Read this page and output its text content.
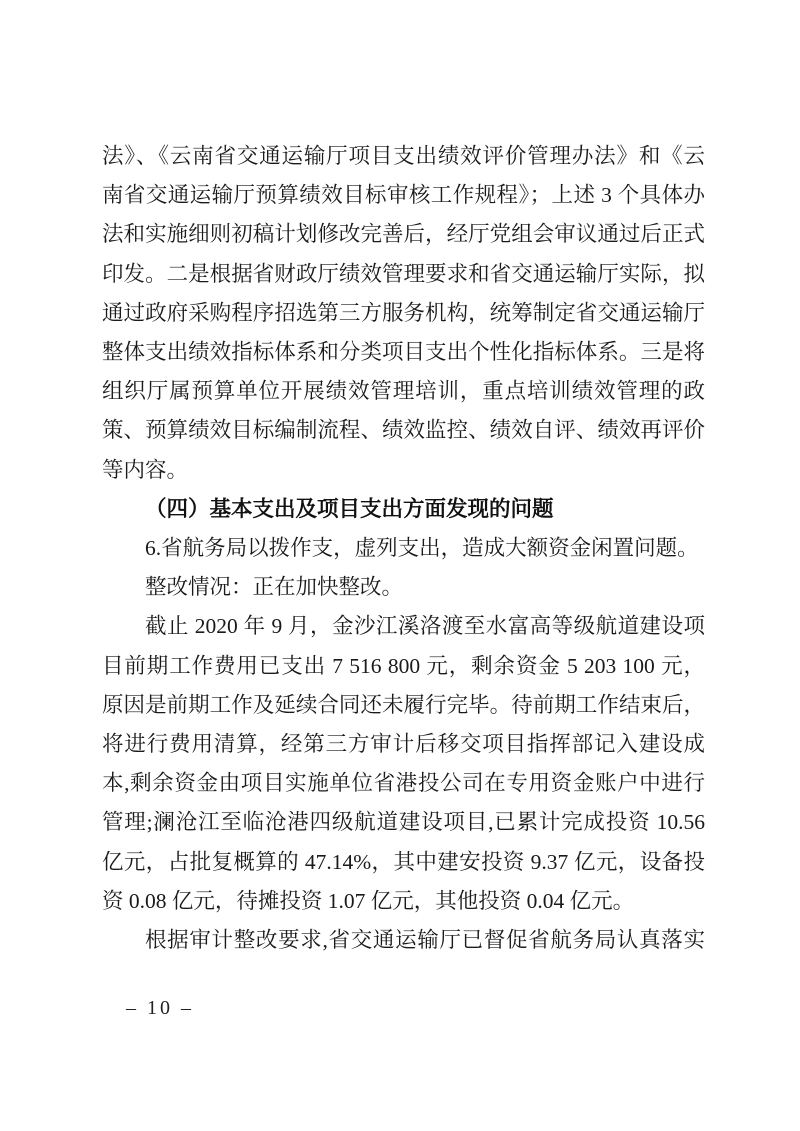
法》、《云南省交通运输厅项目支出绩效评价管理办法》和《云
南省交通运输厅预算绩效目标审核工作规程》；上述 3 个具体办
法和实施细则初稿计划修改完善后，经厅党组会审议通过后正式
印发。二是根据省财政厅绩效管理要求和省交通运输厅实际，拟
通过政府采购程序招选第三方服务机构，统筹制定省交通运输厅
整体支出绩效指标体系和分类项目支出个性化指标体系。三是将
组织厅属预算单位开展绩效管理培训，重点培训绩效管理的政
策、预算绩效目标编制流程、绩效监控、绩效自评、绩效再评价
等内容。
（四）基本支出及项目支出方面发现的问题
6.省航务局以拨作支，虚列支出，造成大额资金闲置问题。
整改情况：正在加快整改。
截止 2020 年 9 月，金沙江溪洛渡至水富高等级航道建设项
目前期工作费用已支出 7 516 800 元，剩余资金 5 203 100 元，
原因是前期工作及延续合同还未履行完毕。待前期工作结束后，
将进行费用清算，经第三方审计后移交项目指挥部记入建设成
本,剩余资金由项目实施单位省港投公司在专用资金账户中进行
管理;澜沧江至临沧港四级航道建设项目,已累计完成投资 10.56
亿元，占批复概算的 47.14%，其中建安投资 9.37 亿元，设备投
资 0.08 亿元，待摊投资 1.07 亿元，其他投资 0.04 亿元。
根据审计整改要求,省交通运输厅已督促省航务局认真落实
– 10 –
